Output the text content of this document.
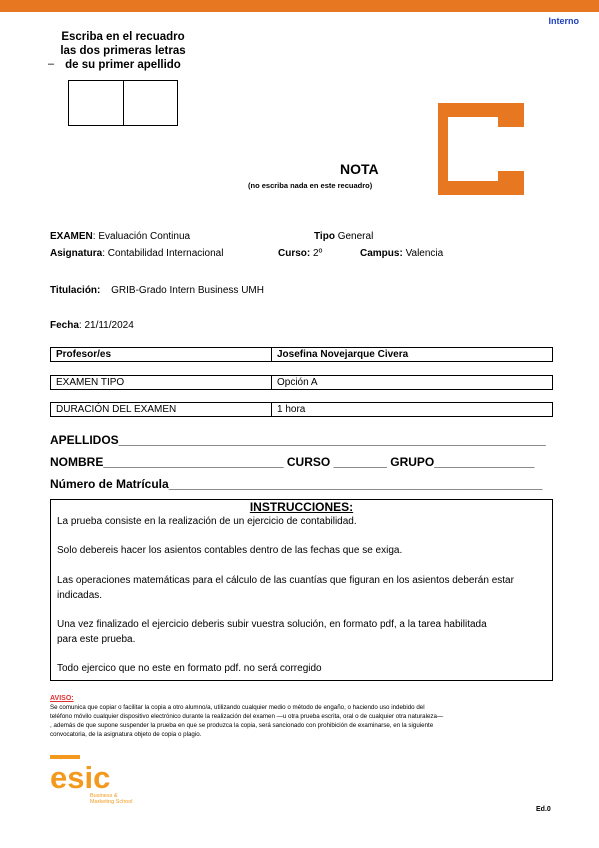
Interno
Escriba en el recuadro
las dos primeras letras
de su primer apellido
–
NOTA
(no escriba nada en este recuadro)
EXAMEN: Evaluación Continua	Tipo General
Asignatura: Contabilidad Internacional	Curso: 2º	Campus: Valencia
Titulación: GRIB-Grado Intern Business UMH
Fecha: 21/11/2024
Profesor/es	Josefina Novejarque Civera
EXAMEN TIPO	Opción A
DURACIÓN DEL EXAMEN	1 hora
APELLIDOS________________________________________________________________
NOMBRE___________________________ CURSO ________ GRUPO_______________
Número de Matrícula________________________________________________________
INSTRUCCIONES:
La prueba consiste en la realización de un ejercicio de contabilidad.
Solo debereis hacer los asientos contables dentro de las fechas que se exiga.
Las operaciones matemáticas para el cálculo de las cuantías que figuran en los asientos deberán estar
indicadas.
Una vez finalizado el ejercicio deberis subir vuestra solución, en formato pdf, a la tarea habilitada
para este prueba.
Todo ejercico que no este en formato pdf. no será corregido
AVISO:
Se comunica que copiar o facilitar la copia a otro alumno/a, utilizando cualquier medio o método de engaño, o haciendo uso indebido del
teléfono móvilo cualquier dispositivo electrónico durante la realización del examen —u otra prueba escrita, oral o de cualquier otra naturaleza—
, además de que supone suspender la prueba en que se produzca la copia, será sancionado con prohibición de examinarse, en la siguiente
convocatoria, de la asignatura objeto de copia o plagio.
esic
Business &
Marketing School
Ed.0
